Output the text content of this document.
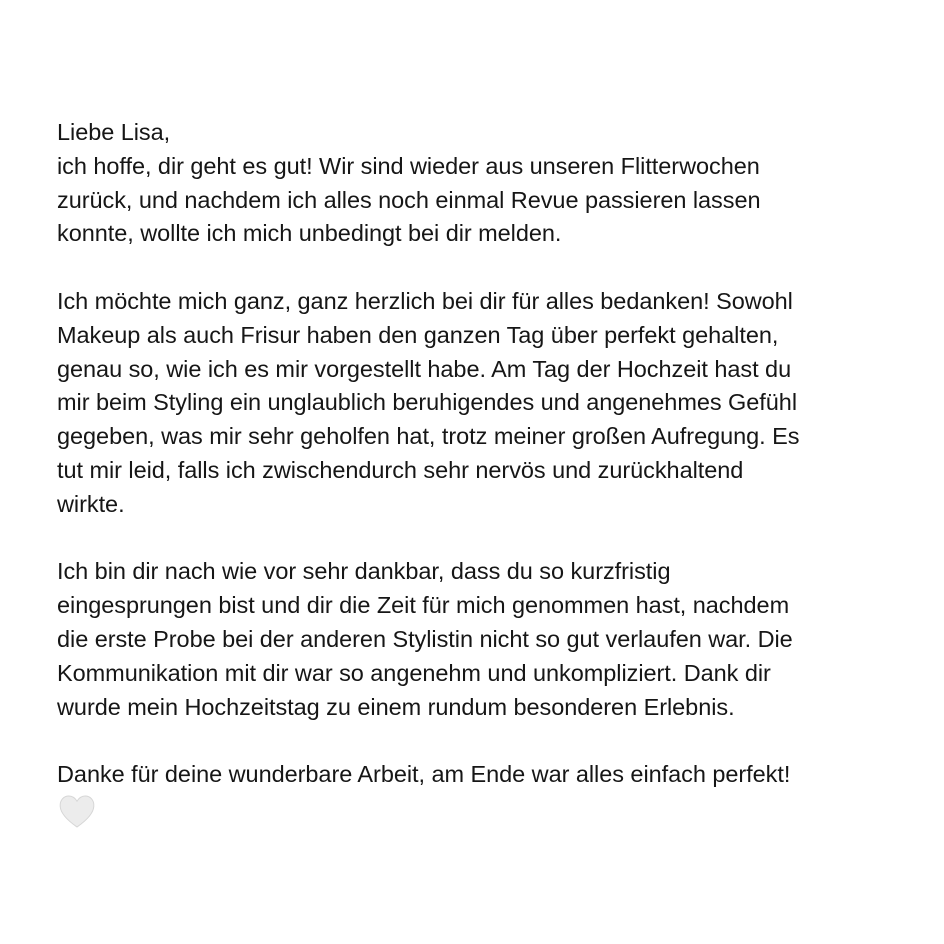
Liebe Lisa,
ich hoffe, dir geht es gut! Wir sind wieder aus unseren Flitterwochen
zurück, und nachdem ich alles noch einmal Revue passieren lassen
konnte, wollte ich mich unbedingt bei dir melden.
Ich möchte mich ganz, ganz herzlich bei dir für alles bedanken! Sowohl
Makeup als auch Frisur haben den ganzen Tag über perfekt gehalten,
genau so, wie ich es mir vorgestellt habe. Am Tag der Hochzeit hast du
mir beim Styling ein unglaublich beruhigendes und angenehmes Gefühl
gegeben, was mir sehr geholfen hat, trotz meiner großen Aufregung. Es
tut mir leid, falls ich zwischendurch sehr nervös und zurückhaltend
wirkte.
Ich bin dir nach wie vor sehr dankbar, dass du so kurzfristig
eingesprungen bist und dir die Zeit für mich genommen hast, nachdem
die erste Probe bei der anderen Stylistin nicht so gut verlaufen war. Die
Kommunikation mit dir war so angenehm und unkompliziert. Dank dir
wurde mein Hochzeitstag zu einem rundum besonderen Erlebnis.
Danke für deine wunderbare Arbeit, am Ende war alles einfach perfekt!
